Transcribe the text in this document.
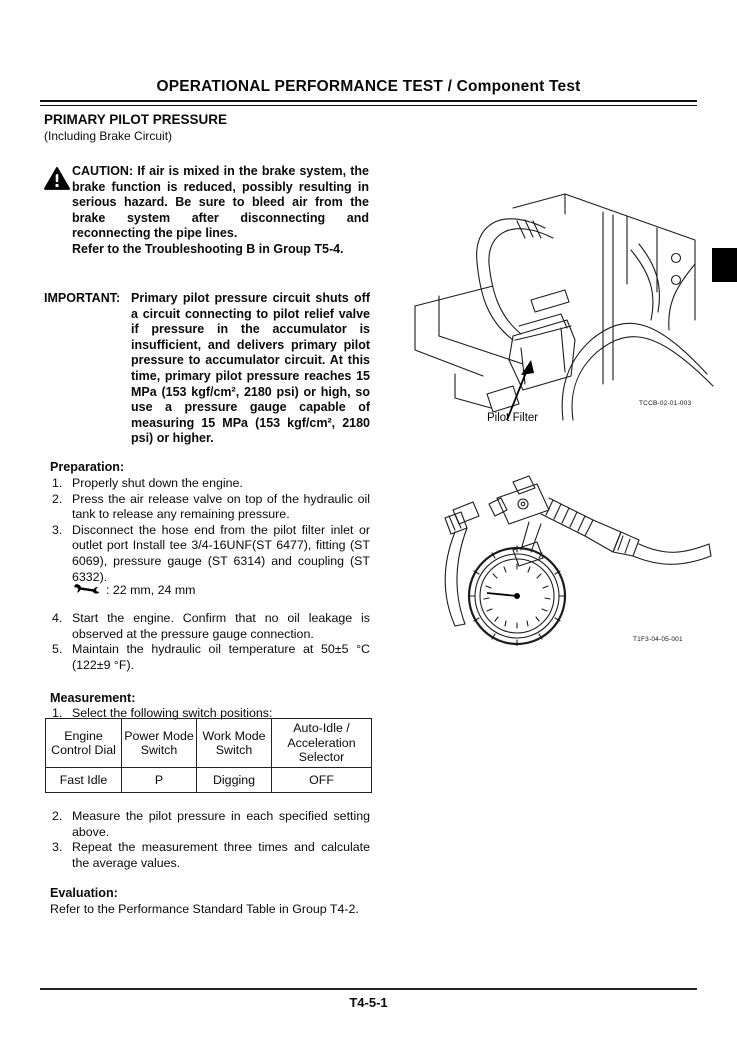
OPERATIONAL PERFORMANCE TEST / Component Test
PRIMARY PILOT PRESSURE
(Including Brake Circuit)

CAUTION: If air is mixed in the brake system, the brake function is reduced, possibly resulting in serious hazard. Be sure to bleed air from the brake system after disconnecting and reconnecting the pipe lines.

Refer to the Troubleshooting B in Group T5-4.

IMPORTANT: Primary pilot pressure circuit shuts off a circuit connecting to pilot relief valve if pressure in the accumulator is insufficient, and delivers primary pilot pressure to accumulator circuit. At this time, primary pilot pressure reaches 15 MPa (153 kgf/cm², 2180 psi) or high, so use a pressure gauge capable of measuring 15 MPa (153 kgf/cm², 2180 psi) or higher.
Preparation:
1. Properly shut down the engine.
2. Press the air release valve on top of the hydraulic oil tank to release any remaining pressure.
3. Disconnect the hose end from the pilot filter inlet or outlet port Install tee 3/4-16UNF(ST 6477), fitting (ST 6069), pressure gauge (ST 6314) and coupling (ST 6332).
: 22 mm, 24 mm
4. Start the engine. Confirm that no oil leakage is observed at the pressure gauge connection.
5. Maintain the hydraulic oil temperature at 50±5 °C (122±9 °F).
Measurement:
1. Select the following switch positions:
Engine Control Dial	Power Mode Switch	Work Mode Switch	Auto-Idle / Acceleration Selector
Fast Idle	P	Digging	OFF
2. Measure the pilot pressure in each specified setting above.
3. Repeat the measurement three times and calculate the average values.
Evaluation:
Refer to the Performance Standard Table in Group T4-2.
Pilot Filter
TCCB-02-01-003
T1F3-04-05-001
T4-5-1
